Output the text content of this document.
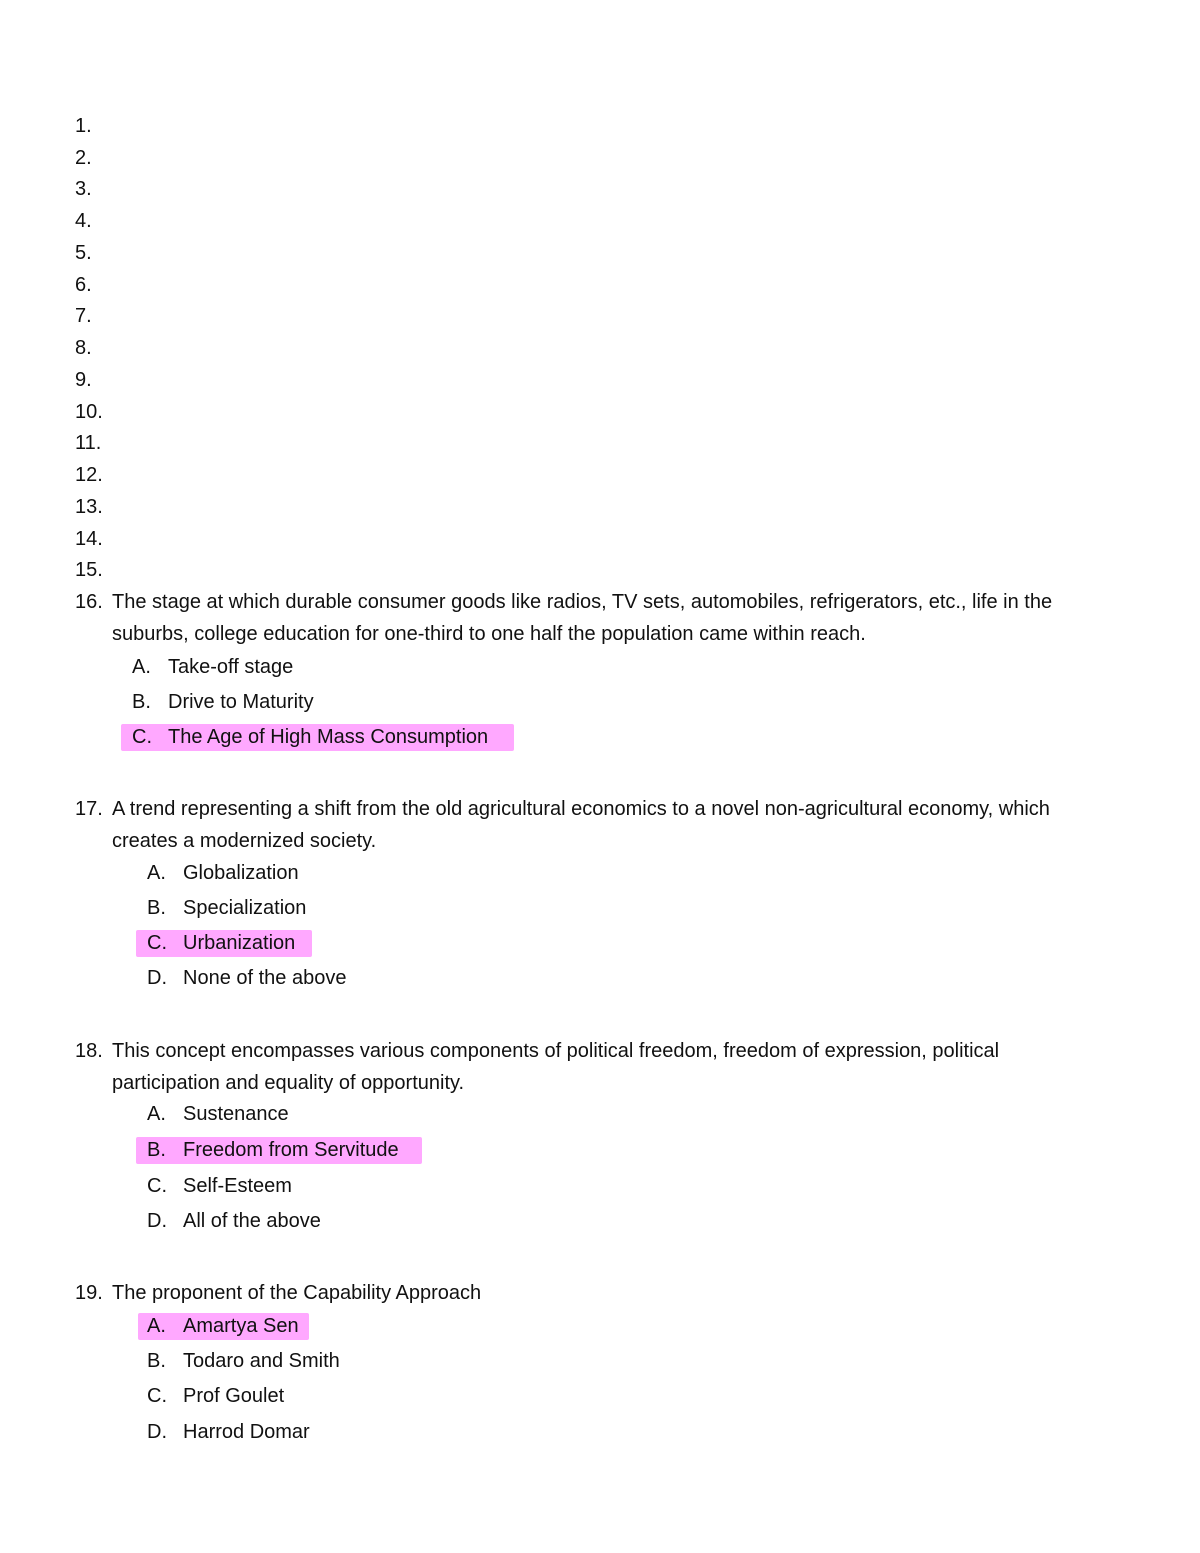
1.
2.
3.
4.
5.
6.
7.
8.
9.
10.
11.
12.
13.
14.
15.
16. The stage at which durable consumer goods like radios, TV sets, automobiles, refrigerators, etc., life in the
suburbs, college education for one-third to one half the population came within reach.
A. Take-off stage
B. Drive to Maturity
C. The Age of High Mass Consumption
17. A trend representing a shift from the old agricultural economics to a novel non-agricultural economy, which
creates a modernized society.
A. Globalization
B. Specialization
C. Urbanization
D. None of the above
18. This concept encompasses various components of political freedom, freedom of expression, political
participation and equality of opportunity.
A. Sustenance
B. Freedom from Servitude
C. Self-Esteem
D. All of the above
19. The proponent of the Capability Approach
A. Amartya Sen
B. Todaro and Smith
C. Prof Goulet
D. Harrod Domar
